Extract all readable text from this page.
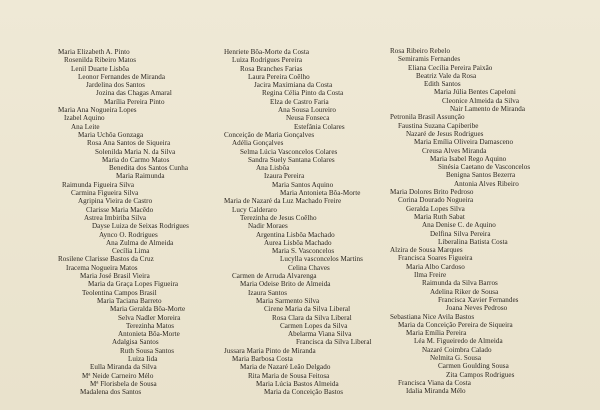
Maria Elizabeth A. Pinto
Rosenilda Ribeiro Matos
Lenil Duarte Lisbôa
Leonor Fernandes de Miranda
Jardelina dos Santos
Jozina das Chagas Amaral
Marília Pereira Pinto
Maria Ana Nogueira Lopes
Izabel Aquino
Ana Leite
Maria Uchôa Gonzaga
Rosa Ana Santos de Siqueira
Solenilda Maria N. da Silva
Maria do Carmo Matos
Benedita dos Santos Cunha
Maria Raimunda
Raimunda Figueira Silva
Carmina Figueira Silva
Agripina Vieira de Castro
Clarisse Maria Macêdo
Astrea Imbiriba Silva
Dayse Luiza de Seixas Rodrigues
Aynco O. Rodrigues
Ana Zulma de Almeida
Cecília Lima
Rosilene Clarisse Bastos da Cruz
Iracema Nogueira Matos
Maria José Brasil Vieira
Maria da Graça Lopes Figueira
Teolentina Campos Brasil
Maria Taciana Barreto
Maria Geralda Bôa-Morte
Selva Nadler Moreira
Terezinha Matos
Antonieta Bôa-Morte
Adalgisa Santos
Ruth Sousa Santos
Luiza Iida
Eulla Miranda da Silva
Mª Neide Carneiro Mélo
Mª Florisbela de Sousa
Madalena dos Santos
Henriete Bôa-Morte da Costa
Luiza Rodrigues Pereira
Rosa Branches Farias
Laura Pereira Coêlho
Jacira Maximiana da Costa
Regina Célia Pinto da Costa
Elza de Castro Faria
Ana Sousa Loureiro
Neusa Fonseca
Estefânia Colares
Conceição de Maria Gonçalves
Adélia Gonçalves
Selma Lúcia Vasconcelos Colares
Sandra Suely Santana Colares
Ana Lisbôa
Izaura Pereira
Maria Santos Aquino
Maria Antonieta Bôa-Morte
Maria de Nazaré da Luz Machado Freire
Lucy Calderaro
Terezinha de Jesus Coêlho
Nadir Moraes
Argentina Lisbôa Machado
Aurea Lisbôa Machado
Maria S. Vasconcelos
Lucylla vasconcelos Martins
Celina Chaves
Carmen de Arruda Alvarenga
Maria Odeise Brito de Almeida
Izaura Santos
Maria Sarmento Silva
Cirene Maria da Silva Liberal
Rosa Clara da Silva Liberal
Carmen Lopes da Silva
Abelarma Viana Silva
Francisca da Silva Liberal
Jussara Maria Pinto de Miranda
Maria Barbosa Costa
Maria de Nazaré Leão Delgado
Rita Maria de Sousa Feitosa
Maria Lúcia Bastos Almeida
Maria da Conceição Bastos
Rosa Ribeiro Rebelo
Semiramis Fernandes
Eliana Cecília Pereira Paixão
Beatriz Vale da Rosa
Edith Santos
Maria Júlia Bentes Capeloni
Cleonice Almeida da Silva
Nair Lamento de Miranda
Petronila Brasil Assunção
Faustina Suzana Capiberibe
Nazaré de Jesus Rodrigues
Maria Emília Oliveira Damasceno
Creusa Alves Miranda
Maria Isabel Rego Aquino
Sinésia Caetano de Vasconcelos
Benigna Santos Bezerra
Antonia Alves Ribeiro
Maria Dolores Brito Pedroso
Corina Dourado Nogueira
Geralda Lopes Silva
Maria Ruth Sabat
Ana Denise C. de Aquino
Delfina Silva Pereira
Liberalina Batista Costa
Alzira de Sousa Marques
Francisca Soares Figueira
Maria Albo Cardoso
Ilma Freire
Raimunda da Silva Barros
Adelina Riker de Sousa
Francisca Xavier Fernandes
Joana Neves Pedroso
Sebastiana Nice Avila Bastos
Maria da Conceição Pereira de Siqueira
Maria Emília Pereira
Léa M. Figueiredo de Almeida
Nazaré Coimbra Calado
Nelmita G. Sousa
Carmen Goulding Sousa
Zita Campos Rodrigues
Francisca Viana da Costa
Idalia Miranda Mélo
